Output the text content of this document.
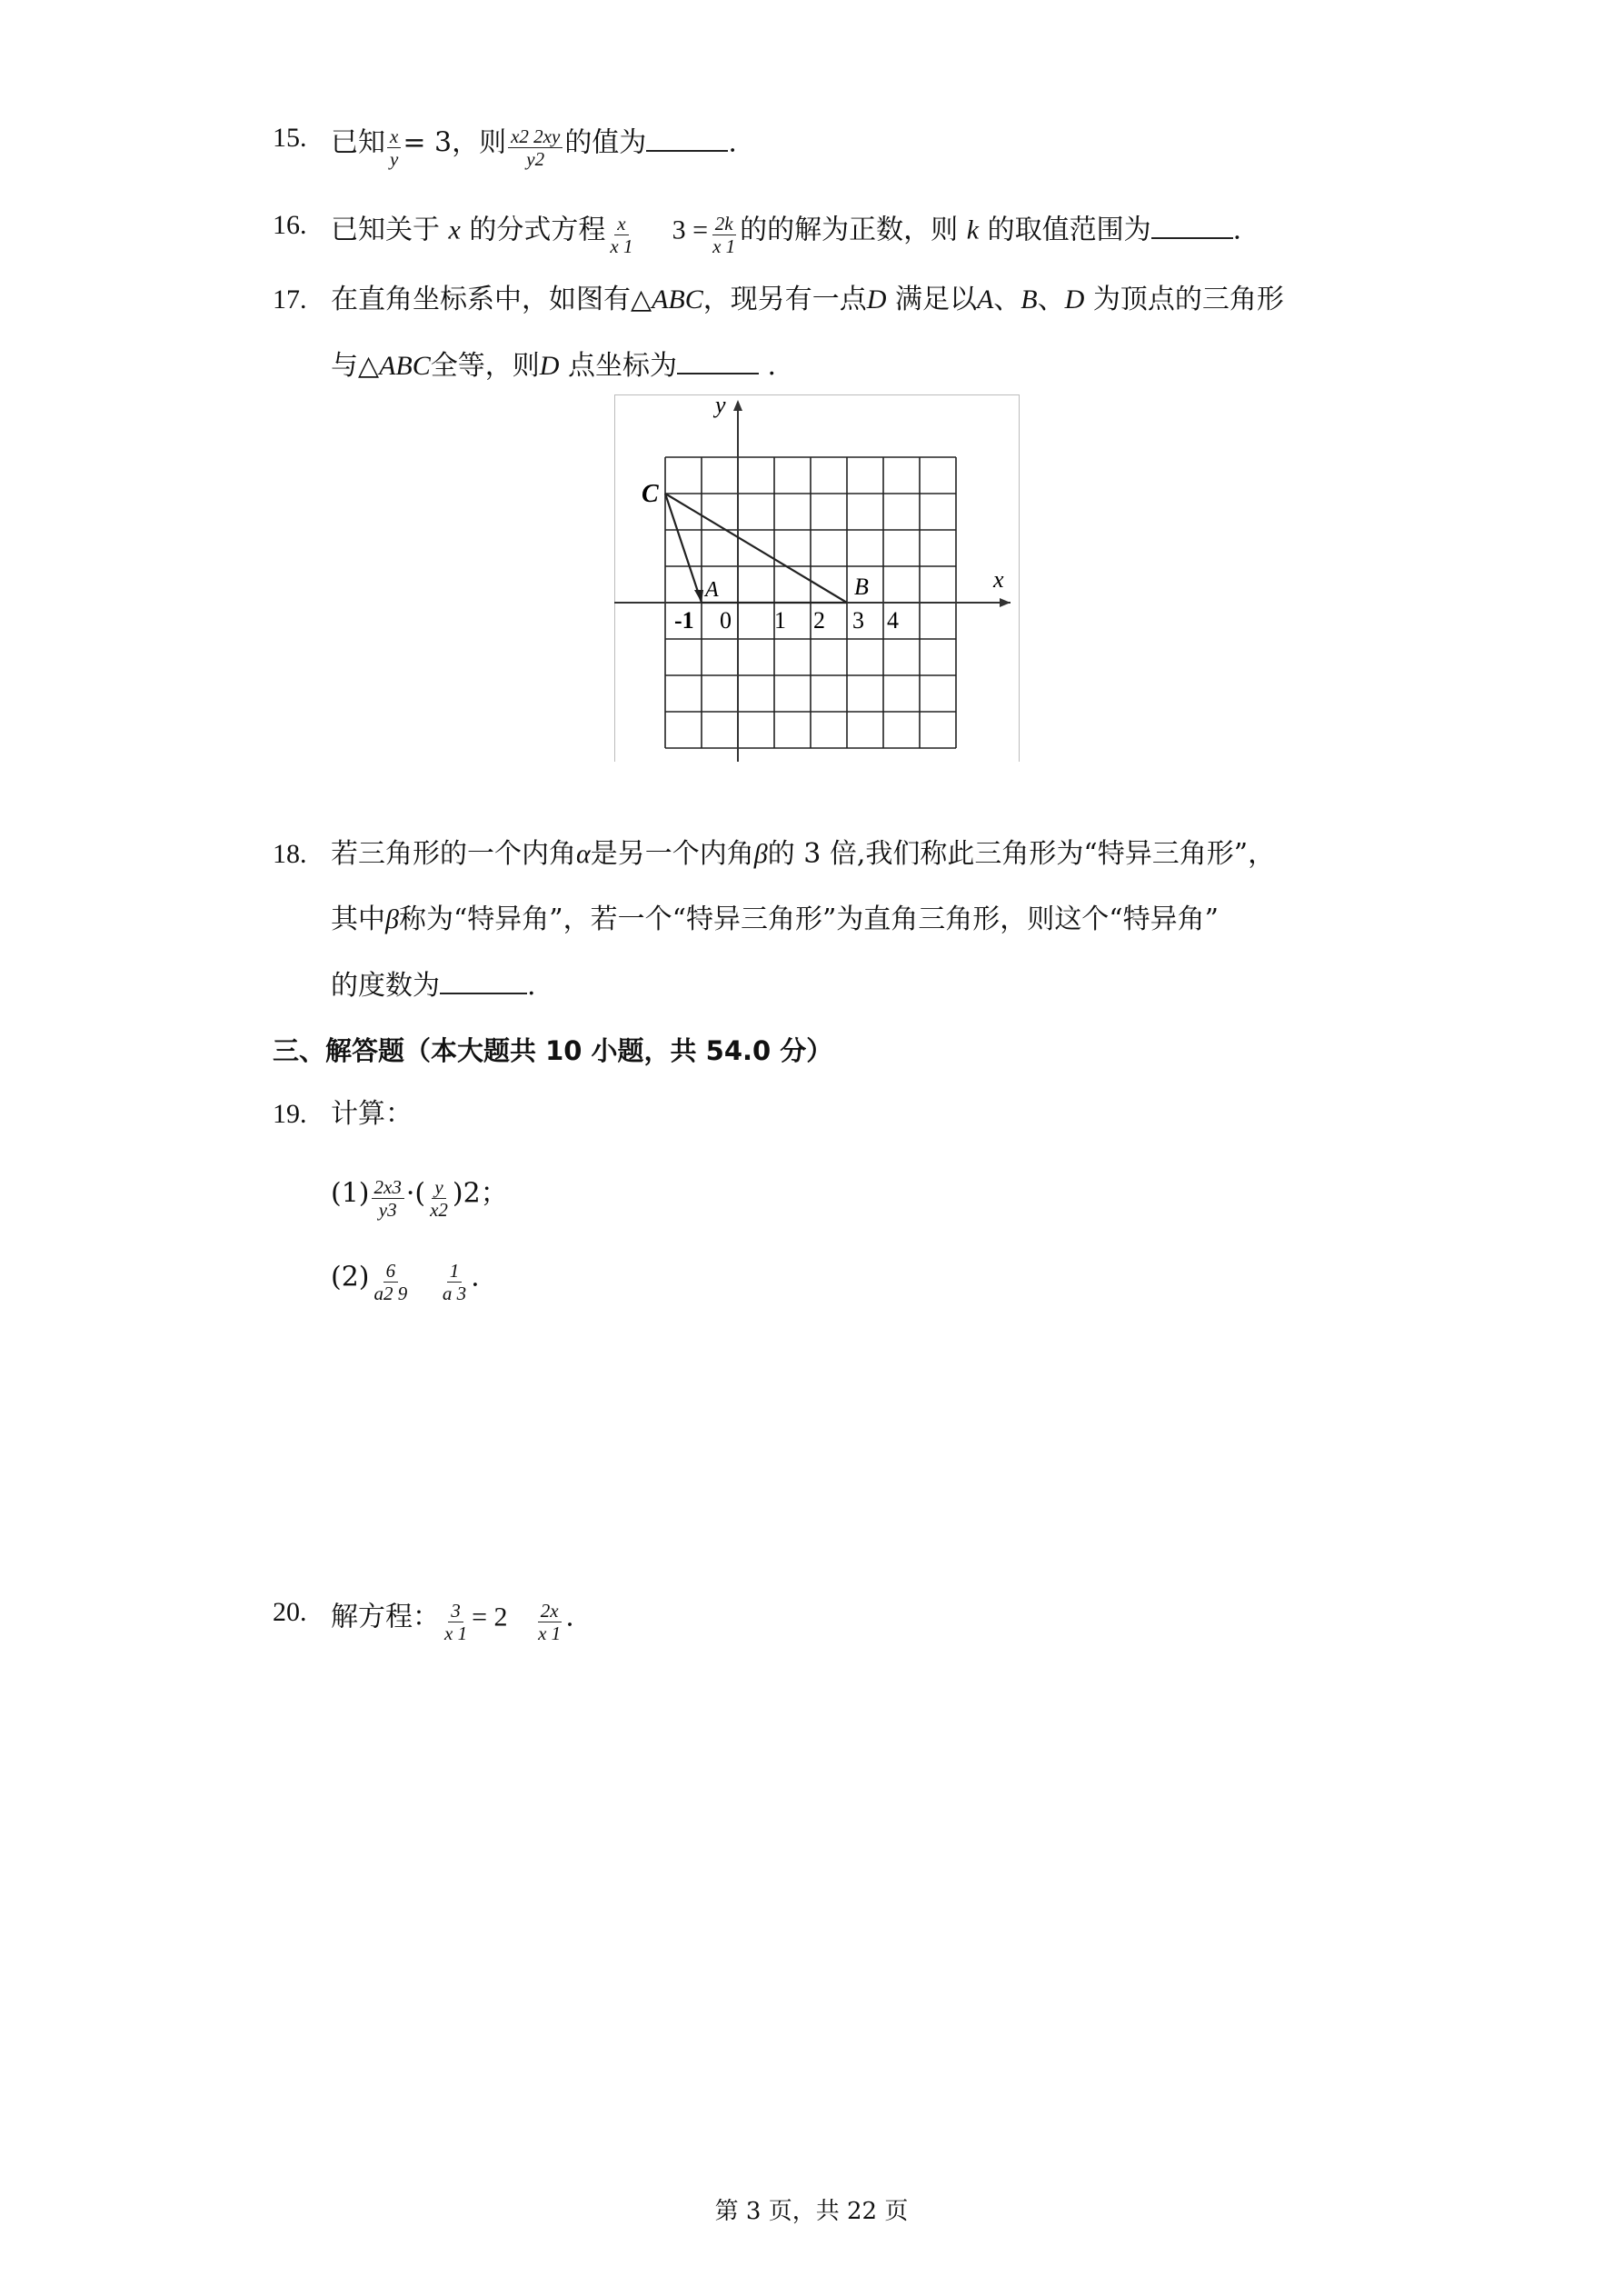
15. 已知 $\frac{x}{y} = 3$，则 $\frac{x2 2xy}{y2}$ 的值为	.
16. 已知关于 x 的分式方程 $\frac{x}{x 1} 3 = \frac{2k}{x 1}$ 的的解为正数，则 k 的取值范围为	.
17. 在直角坐标系中，如图有△ABC，现另有一点D 满足以A、B、D 为顶点的三角形
与△ABC全等，则D 点坐标为	.
x
y
-1 0 1 2 3 4
C
A	B
18. 若三角形的一个内角α是另一个内角β的 3 倍,我们称此三角形为“特异三角形”，
其中β称为“特异角”，若一个“特异三角形”为直角三角形，则这个“特异角”
的度数为	.
三、解答题（本大题共 10 小题，共 54.0 分）
19. 计算：
$(1) \frac{2x3}{y3}$ ·( $\frac{y}{x2} )2$；
$(2) \frac{6}{a2 9}$
$\frac{1}{a 3}$ .
20. 解方程： $\frac{3}{x 1} = 2 \frac{2x}{x 1}$ .
第 3 页，共 22 页
